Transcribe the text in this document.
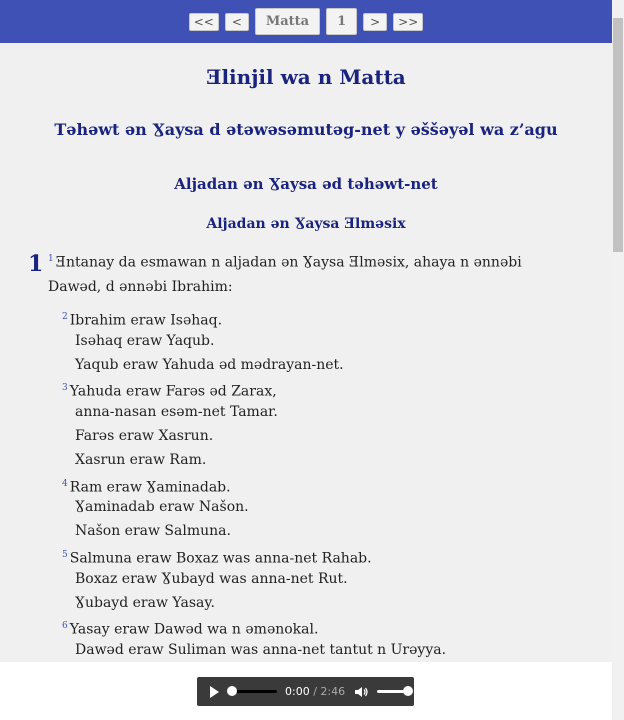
<<	<	Matta	1	>	>>
Ǝlinjil wa n Matta
Təhəwt ən Ɣaysa d ətəwəsəmutəg-net y əššəyəl wa z’agu
Aljadan ən Ɣaysa əd təhəwt-net
Aljadan ən Ɣaysa Ǝlməsix
1 $^1$ Ǝntanay da esmawan n aljadan ən Ɣaysa Ǝlməsix, ahaya n ənnəbi Dawəd, d ənnəbi Ibrahim:
$^2$ Ibrahim eraw Isəhaq.
Isəhaq eraw Yaqub.
Yaqub eraw Yahuda əd mədrayan-net.
$^3$ Yahuda eraw Farəs əd Zarax,
anna-nasan esəm-net Tamar.
Farəs eraw Xasrun.
Xasrun eraw Ram.
$^4$ Ram eraw Ɣaminadab.
Ɣaminadab eraw Našon.
Našon eraw Salmuna.
$^5$ Salmuna eraw Boxaz was anna-net Rahab.
Boxaz eraw Ɣubayd was anna-net Rut.
Ɣubayd eraw Yasay.
$^6$ Yasay eraw Dawəd wa n əmənokal.
Dawəd eraw Suliman was anna-net tantut n Urəyya.
0:00 / 2:46
